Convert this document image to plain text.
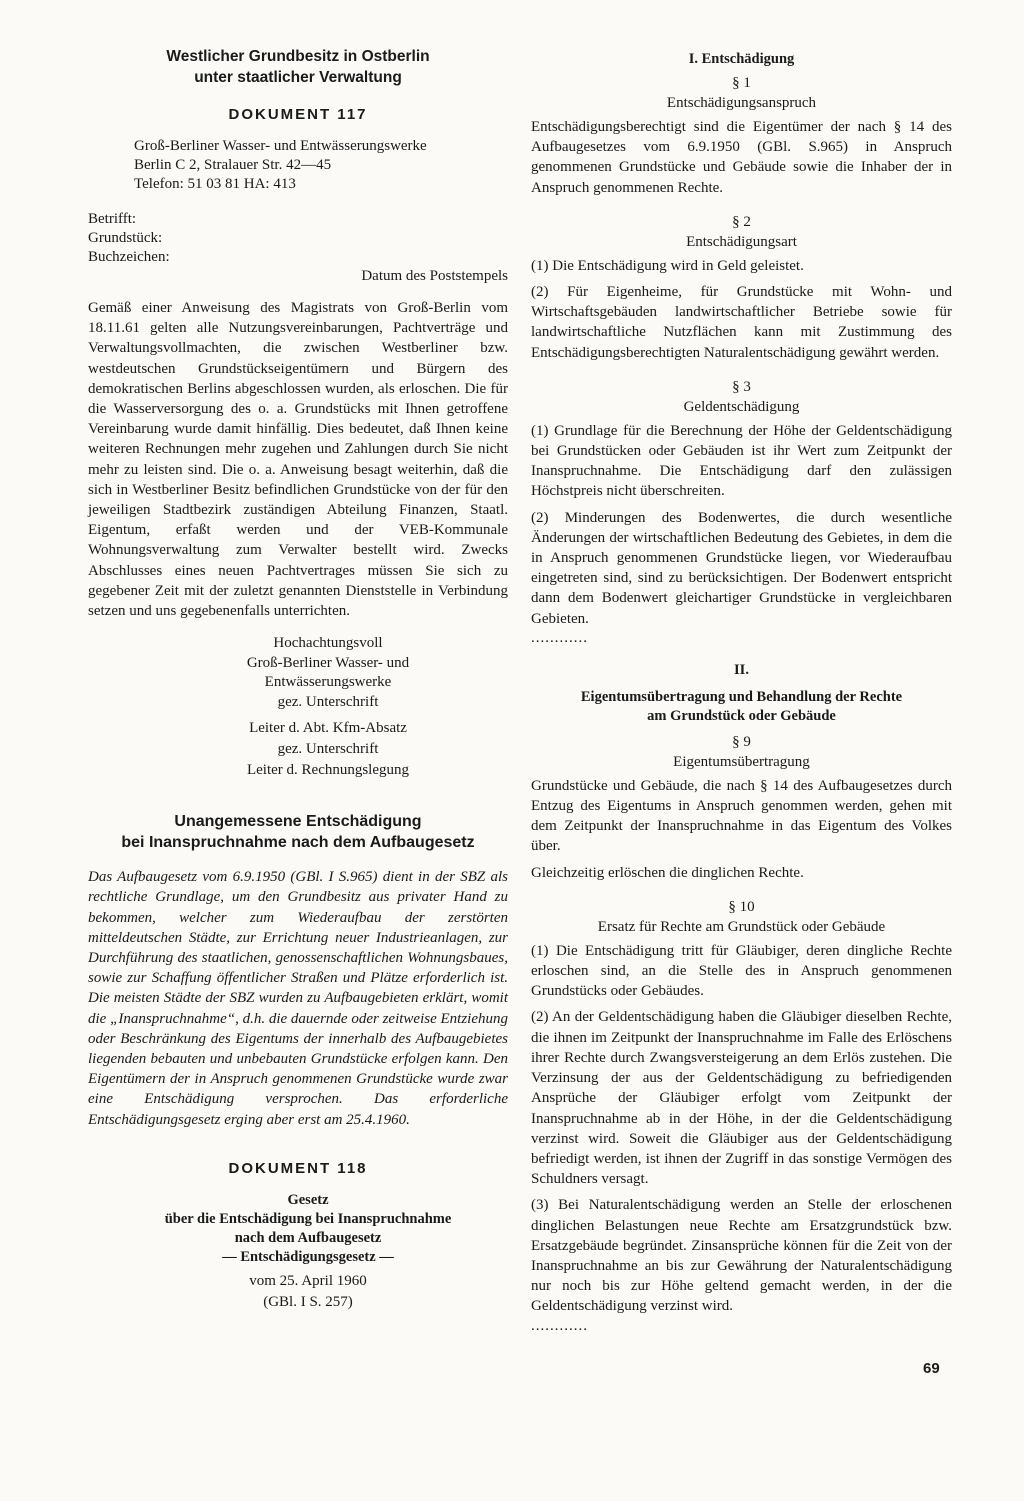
Westlicher Grundbesitz in Ostberlin

unter staatlicher Verwaltung

DOKUMENT 117

Groß-Berliner Wasser- und Entwässerungswerke

Berlin C 2, Stralauer Str. 42—45

Telefon: 51 03 81 HA: 413

Betrifft:

Grundstück:

Buchzeichen:

Datum des Poststempels

Gemäß einer Anweisung des Magistrats von Groß-Berlin vom 18.11.61 gelten alle Nutzungsvereinbarungen, Pachtverträge und Verwaltungsvollmachten, die zwischen Westberliner bzw. westdeutschen Grundstückseigentümern und Bürgern des demokratischen Berlins abgeschlossen wurden, als erloschen. Die für die Wasserversorgung des o. a. Grundstücks mit Ihnen getroffene Vereinbarung wurde damit hinfällig. Dies bedeutet, daß Ihnen keine weiteren Rechnungen mehr zugehen und Zahlungen durch Sie nicht mehr zu leisten sind. Die o. a. Anweisung besagt weiterhin, daß die sich in Westberliner Besitz befindlichen Grundstücke von der für den jeweiligen Stadtbezirk zuständigen Abteilung Finanzen, Staatl. Eigentum, erfaßt werden und der VEB-Kommunale Wohnungsverwaltung zum Verwalter bestellt wird. Zwecks Abschlusses eines neuen Pachtvertrages müssen Sie sich zu gegebener Zeit mit der zuletzt genannten Dienststelle in Verbindung setzen und uns gegebenenfalls unterrichten.

Hochachtungsvoll

Groß-Berliner Wasser- und

Entwässerungswerke

gez. Unterschrift

Leiter d. Abt. Kfm-Absatz

gez. Unterschrift

Leiter d. Rechnungslegung

Unangemessene Entschädigung

bei Inanspruchnahme nach dem Aufbaugesetz

Das Aufbaugesetz vom 6.9.1950 (GBl. I S.965) dient in der SBZ als rechtliche Grundlage, um den Grundbesitz aus privater Hand zu bekommen, welcher zum Wiederaufbau der zerstörten mitteldeutschen Städte, zur Errichtung neuer Industrieanlagen, zur Durchführung des staatlichen, genossenschaftlichen Wohnungsbaues, sowie zur Schaffung öffentlicher Straßen und Plätze erforderlich ist. Die meisten Städte der SBZ wurden zu Aufbaugebieten erklärt, womit die „Inanspruchnahme“, d.h. die dauernde oder zeitweise Entziehung oder Beschränkung des Eigentums der innerhalb des Aufbaugebietes liegenden bebauten und unbebauten Grundstücke erfolgen kann. Den Eigentümern der in Anspruch genommenen Grundstücke wurde zwar eine Entschädigung versprochen. Das erforderliche Entschädigungsgesetz erging aber erst am 25.4.1960.

DOKUMENT 118

Gesetz

über die Entschädigung bei Inanspruchnahme

nach dem Aufbaugesetz

— Entschädigungsgesetz —

vom 25. April 1960

(GBl. I S. 257)

I. Entschädigung

§ 1

Entschädigungsanspruch

Entschädigungsberechtigt sind die Eigentümer der nach § 14 des Aufbaugesetzes vom 6.9.1950 (GBl. S.965) in Anspruch genommenen Grundstücke und Gebäude sowie die Inhaber der in Anspruch genommenen Rechte.

§ 2

Entschädigungsart

(1) Die Entschädigung wird in Geld geleistet.

(2) Für Eigenheime, für Grundstücke mit Wohn- und Wirtschaftsgebäuden landwirtschaftlicher Betriebe sowie für landwirtschaftliche Nutzflächen kann mit Zustimmung des Entschädigungsberechtigten Naturalentschädigung gewährt werden.

§ 3

Geldentschädigung

(1) Grundlage für die Berechnung der Höhe der Geldentschädigung bei Grundstücken oder Gebäuden ist ihr Wert zum Zeitpunkt der Inanspruchnahme. Die Entschädigung darf den zulässigen Höchstpreis nicht überschreiten.

(2) Minderungen des Bodenwertes, die durch wesentliche Änderungen der wirtschaftlichen Bedeutung des Gebietes, in dem die in Anspruch genommenen Grundstücke liegen, vor Wiederaufbau eingetreten sind, sind zu berücksichtigen. Der Bodenwert entspricht dann dem Bodenwert gleichartiger Grundstücke in vergleichbaren Gebieten.

............

II.

Eigentumsübertragung und Behandlung der Rechte

am Grundstück oder Gebäude

§ 9

Eigentumsübertragung

Grundstücke und Gebäude, die nach § 14 des Aufbaugesetzes durch Entzug des Eigentums in Anspruch genommen werden, gehen mit dem Zeitpunkt der Inanspruchnahme in das Eigentum des Volkes über.

Gleichzeitig erlöschen die dinglichen Rechte.

§ 10

Ersatz für Rechte am Grundstück oder Gebäude

(1) Die Entschädigung tritt für Gläubiger, deren dingliche Rechte erloschen sind, an die Stelle des in Anspruch genommenen Grundstücks oder Gebäudes.

(2) An der Geldentschädigung haben die Gläubiger dieselben Rechte, die ihnen im Zeitpunkt der Inanspruchnahme im Falle des Erlöschens ihrer Rechte durch Zwangsversteigerung an dem Erlös zustehen. Die Verzinsung der aus der Geldentschädigung zu befriedigenden Ansprüche der Gläubiger erfolgt vom Zeitpunkt der Inanspruchnahme ab in der Höhe, in der die Geldentschädigung verzinst wird. Soweit die Gläubiger aus der Geldentschädigung befriedigt werden, ist ihnen der Zugriff in das sonstige Vermögen des Schuldners versagt.

(3) Bei Naturalentschädigung werden an Stelle der erloschenen dinglichen Belastungen neue Rechte am Ersatzgrundstück bzw. Ersatzgebäude begründet. Zinsansprüche können für die Zeit von der Inanspruchnahme an bis zur Gewährung der Naturalentschädigung nur noch bis zur Höhe geltend gemacht werden, in der die Geldentschädigung verzinst wird.

............

69
